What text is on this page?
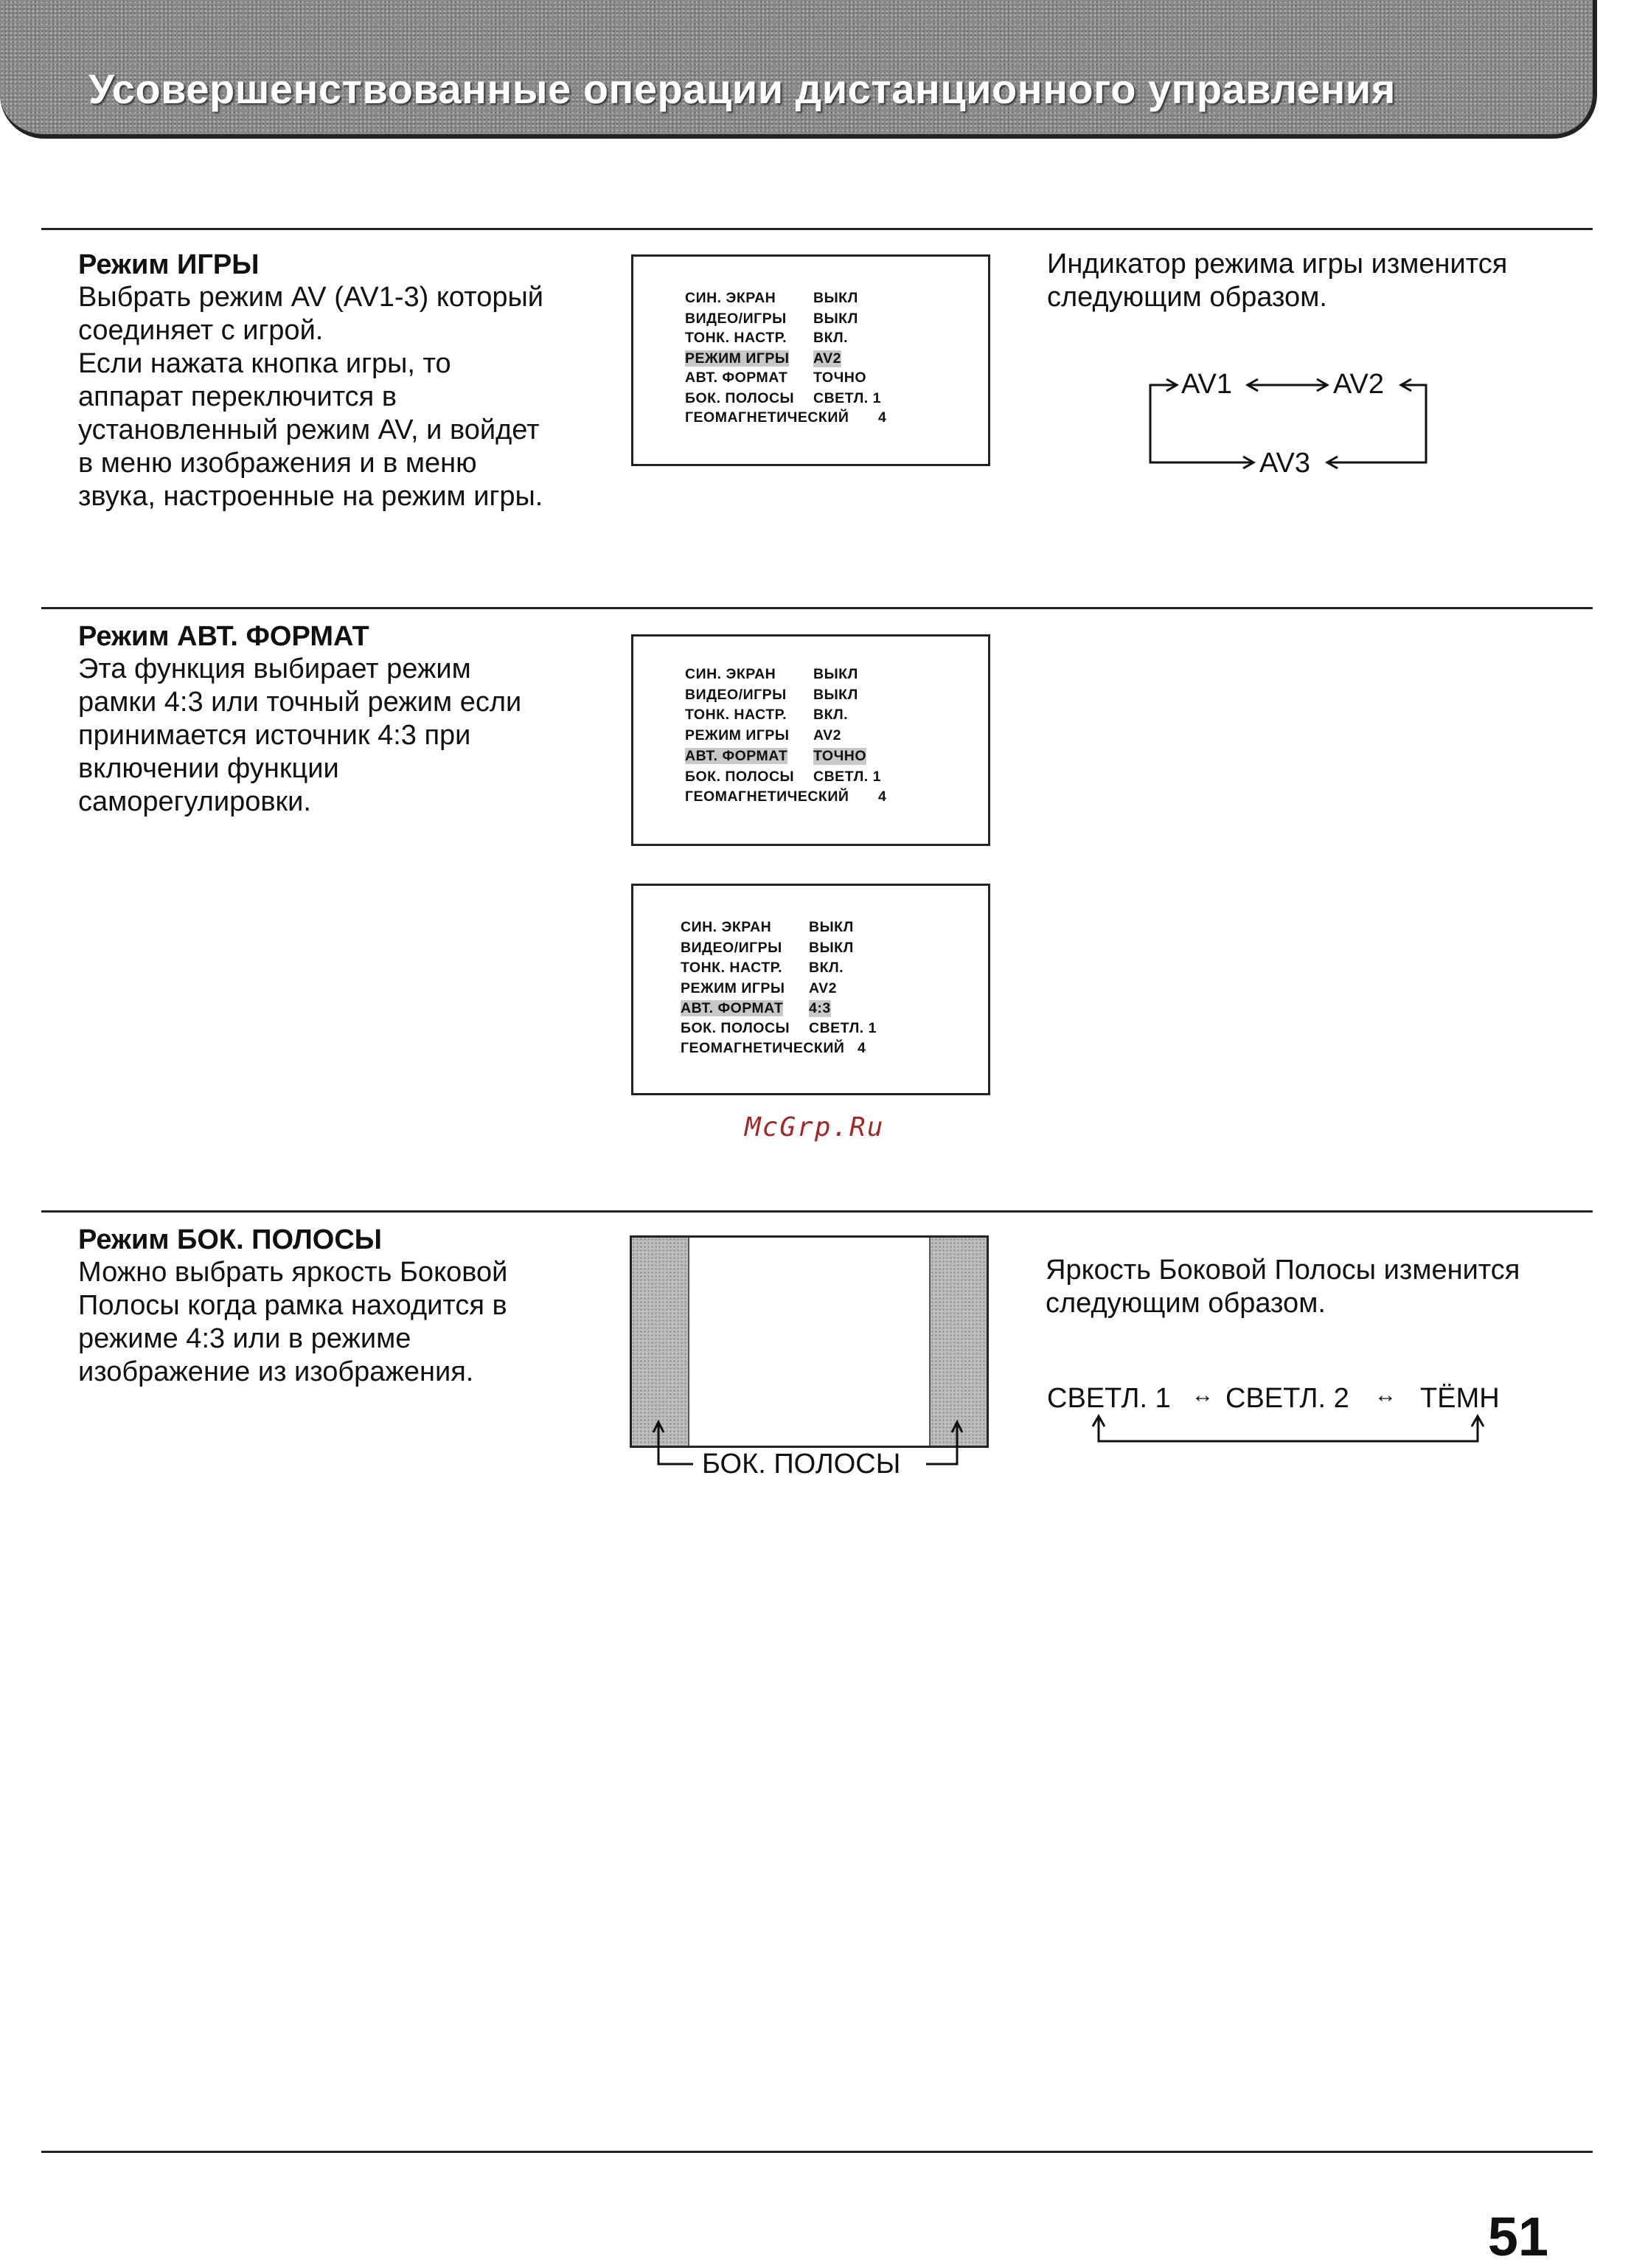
Усовершенствованные операции дистанционного управления
Режим ИГРЫ
Выбрать режим AV (AV1-3) который
соединяет с игрой.
Если нажата кнопка игры, то
аппарат переключится в
установленный режим AV, и войдет
в меню изображения и в меню
звука, настроенные на режим игры.
СИН. ЭКРАН	ВЫКЛ
ВИДЕО/ИГРЫ ВЫКЛ
ТОНК. НАСТР. ВКЛ.
РЕЖИМ ИГРЫ AV2
АВТ. ФОРМАТ ТОЧНО
БОК. ПОЛОСЫ СВЕТЛ. 1
ГЕОМАГНЕТИЧЕСКИЙ 4
Индикатор режима игры изменится
следующим образом.
AV1	AV2
AV3
Режим АВТ. ФОРМАТ
Эта функция выбирает режим
рамки 4:3 или точный режим если
принимается источник 4:3 при
включении функции
саморегулировки.
СИН. ЭКРАН	ВЫКЛ
ВИДЕО/ИГРЫ ВЫКЛ
ТОНК. НАСТР. ВКЛ.
РЕЖИМ ИГРЫ AV2
АВТ. ФОРМАТ ТОЧНО
БОК. ПОЛОСЫ СВЕТЛ. 1
ГЕОМАГНЕТИЧЕСКИЙ 4
СИН. ЭКРАН	ВЫКЛ
ВИДЕО/ИГРЫ ВЫКЛ
ТОНК. НАСТР. ВКЛ.
РЕЖИМ ИГРЫ AV2
АВТ. ФОРМАТ 4:3
БОК. ПОЛОСЫ СВЕТЛ. 1
ГЕОМАГНЕТИЧЕСКИЙ 4
McGrp.Ru
Режим БОК. ПОЛОСЫ
Можно выбрать яркость Боковой
Полосы когда рамка находится в
режиме 4:3 или в режиме
изображение из изображения.
БОК. ПОЛОСЫ
Яркость Боковой Полосы изменится
следующим образом.
СВЕТЛ. 1 ↔ СВЕТЛ. 2 ↔ ТЁМН
51
